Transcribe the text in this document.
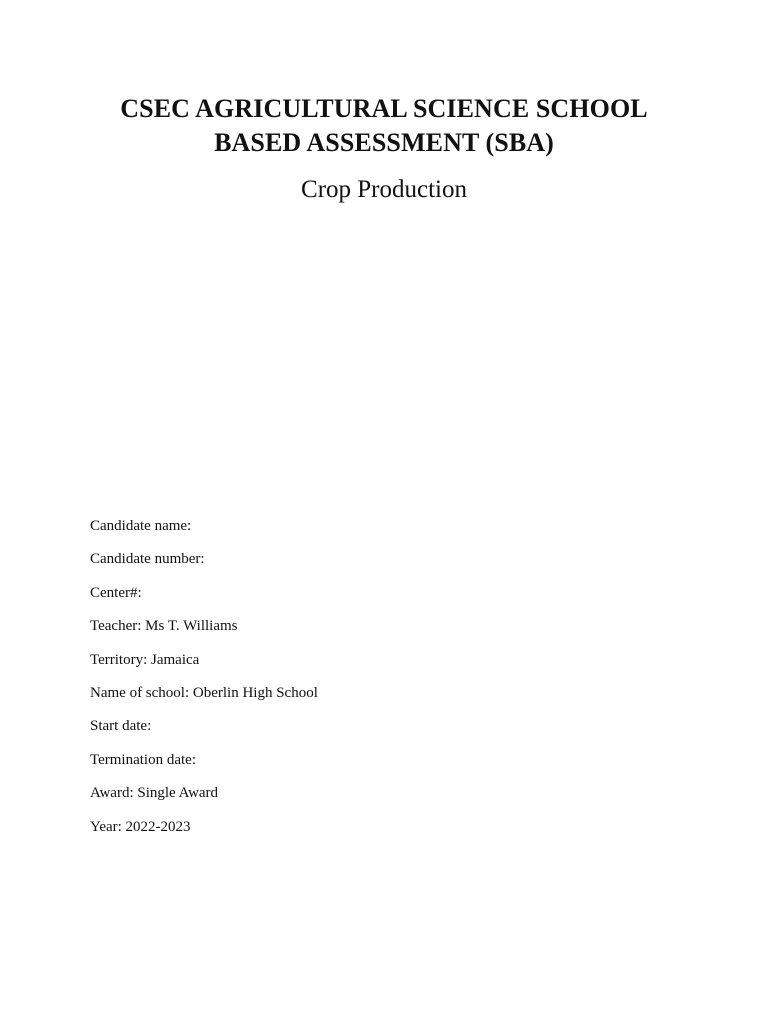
CSEC AGRICULTURAL SCIENCE SCHOOL
BASED ASSESSMENT (SBA)
Crop Production
Candidate name:
Candidate number:
Center#:
Teacher: Ms T. Williams
Territory: Jamaica
Name of school: Oberlin High School
Start date:
Termination date:
Award: Single Award
Year: 2022-2023
